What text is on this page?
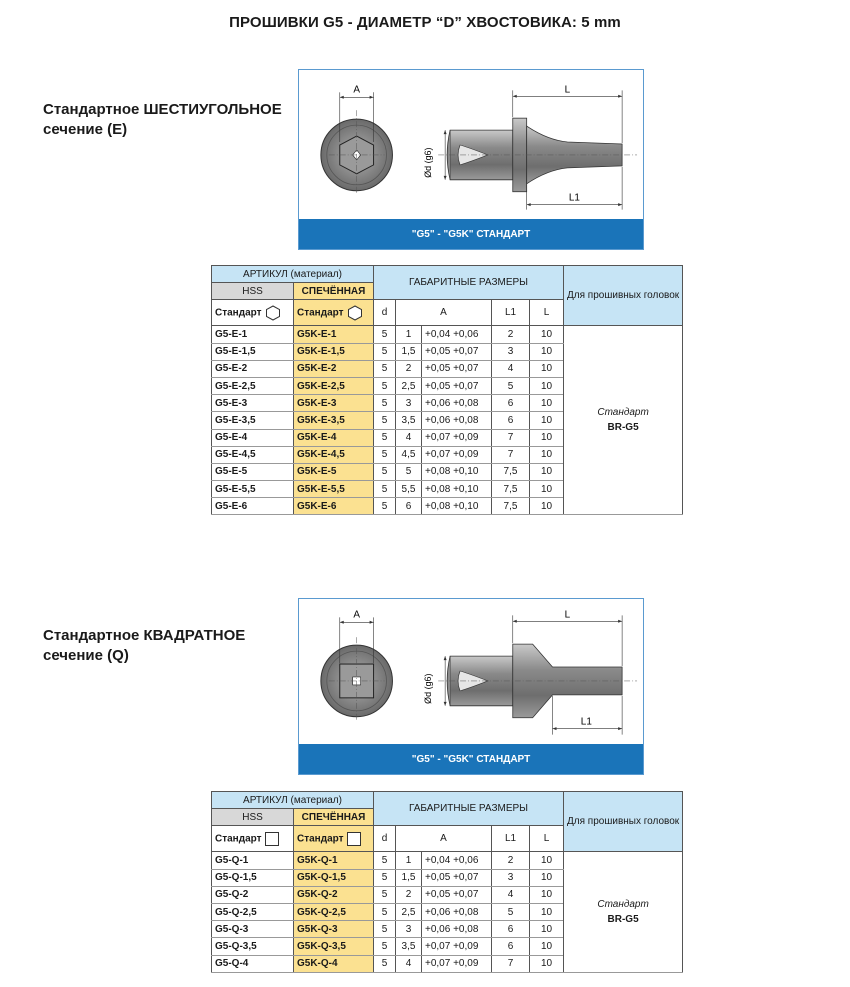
ПРОШИВКИ G5 - ДИАМЕТР “D” ХВОСТОВИКА: 5 mm
Стандартное ШЕСТИУГОЛЬНОЕ
сечение (E)
A
Ød (g6)
L
L1
"G5" - "G5K" СТАНДАРТ
АРТИКУЛ (материал)		ГАБАРИТНЫЕ РАЗМЕРЫ					Для прошивных головок
HSS	СПЕЧЁННАЯ						
Стандарт	Стандарт	d	A		L1	L	
G5-E-1	G5K-E-1	5	1	+0,04 +0,06	2	10	Стандарт
BR-G5

G5-E-1,5	G5K-E-1,5	5	1,5	+0,05 +0,07	3	10	
G5-E-2	G5K-E-2	5	2	+0,05 +0,07	4	10	
G5-E-2,5	G5K-E-2,5	5	2,5	+0,05 +0,07	5	10	
G5-E-3	G5K-E-3	5	3	+0,06 +0,08	6	10	
G5-E-3,5	G5K-E-3,5	5	3,5	+0,06 +0,08	6	10	
G5-E-4	G5K-E-4	5	4	+0,07 +0,09	7	10	
G5-E-4,5	G5K-E-4,5	5	4,5	+0,07 +0,09	7	10	
G5-E-5	G5K-E-5	5	5	+0,08 +0,10	7,5	10	
G5-E-5,5	G5K-E-5,5	5	5,5	+0,08 +0,10	7,5	10	
G5-E-6	G5K-E-6	5	6	+0,08 +0,10	7,5	10	
Стандартное КВАДРАТНОЕ
сечение (Q)
A
Ød (g6)
L
L1
"G5" - "G5K" СТАНДАРТ
АРТИКУЛ (материал)		ГАБАРИТНЫЕ РАЗМЕРЫ					Для прошивных головок
HSS	СПЕЧЁННАЯ						
Стандарт	Стандарт	d	A		L1	L	
G5-Q-1	G5K-Q-1	5	1	+0,04 +0,06	2	10	Стандарт
BR-G5

G5-Q-1,5	G5K-Q-1,5	5	1,5	+0,05 +0,07	3	10	
G5-Q-2	G5K-Q-2	5	2	+0,05 +0,07	4	10	
G5-Q-2,5	G5K-Q-2,5	5	2,5	+0,06 +0,08	5	10	
G5-Q-3	G5K-Q-3	5	3	+0,06 +0,08	6	10	
G5-Q-3,5	G5K-Q-3,5	5	3,5	+0,07 +0,09	6	10	
G5-Q-4	G5K-Q-4	5	4	+0,07 +0,09	7	10	
